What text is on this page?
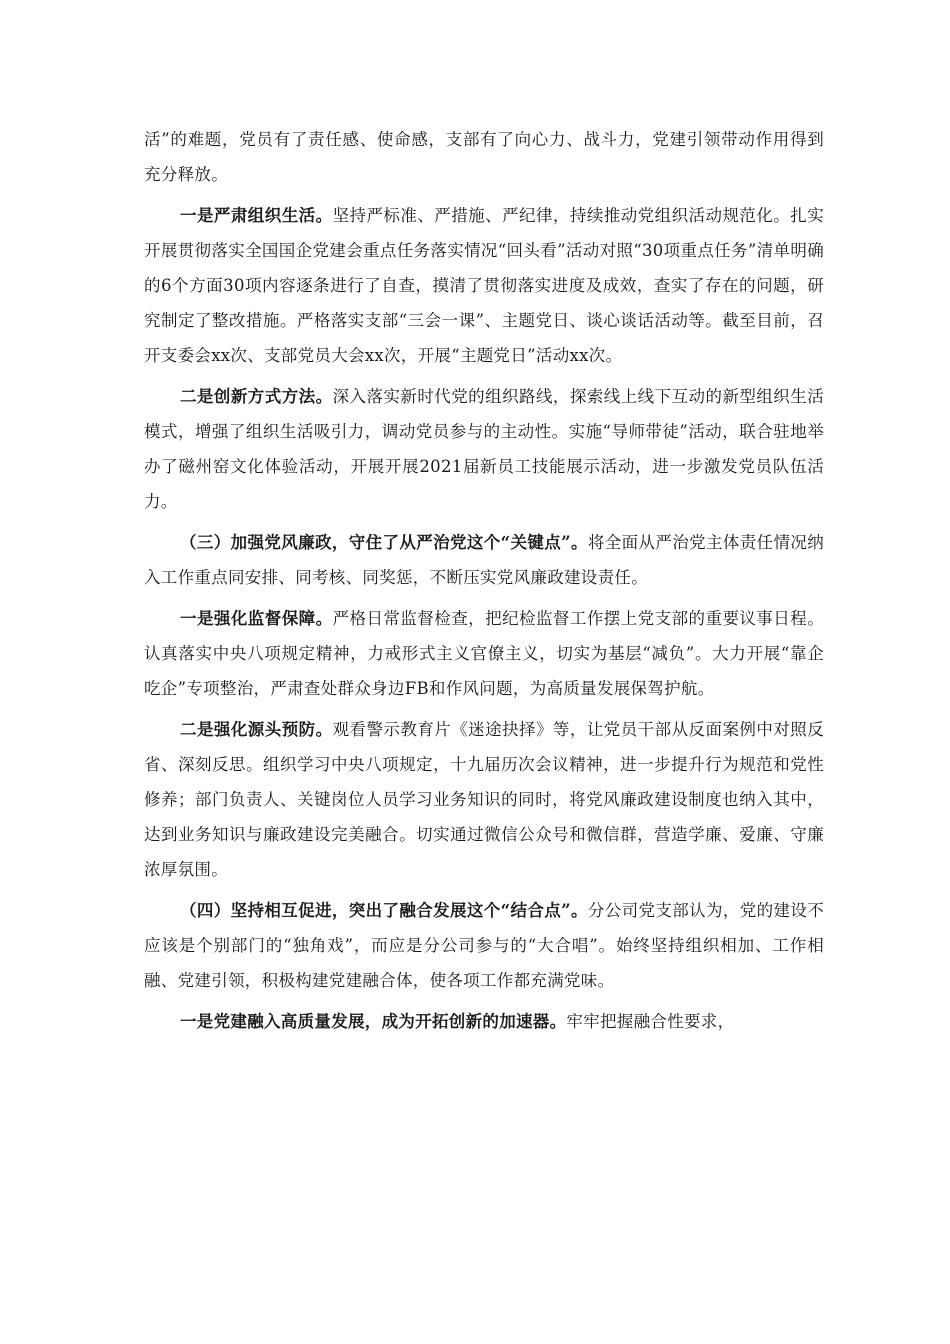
活”的难题，党员有了责任感、使命感，支部有了向心力、战斗力，党建引领带动作用得到充分释放。

一是严肃组织生活。坚持严标准、严措施、严纪律，持续推动党组织活动规范化。扎实开展贯彻落实全国国企党建会重点任务落实情况“回头看”活动对照“30项重点任务”清单明确的6个方面30项内容逐条进行了自查，摸清了贯彻落实进度及成效，查实了存在的问题，研究制定了整改措施。严格落实支部“三会一课”、主题党日、谈心谈话活动等。截至目前，召开支委会xx次、支部党员大会xx次，开展“主题党日”活动xx次。

二是创新方式方法。深入落实新时代党的组织路线，探索线上线下互动的新型组织生活模式，增强了组织生活吸引力，调动党员参与的主动性。实施“导师带徒”活动，联合驻地举办了磁州窑文化体验活动，开展开展2021届新员工技能展示活动，进一步激发党员队伍活力。

（三）加强党风廉政，守住了从严治党这个“关键点”。将全面从严治党主体责任情况纳入工作重点同安排、同考核、同奖惩，不断压实党风廉政建设责任。

一是强化监督保障。严格日常监督检查，把纪检监督工作摆上党支部的重要议事日程。认真落实中央八项规定精神，力戒形式主义官僚主义，切实为基层“减负”。大力开展“靠企吃企”专项整治，严肃查处群众身边FB和作风问题，为高质量发展保驾护航。

二是强化源头预防。观看警示教育片《迷途抉择》等，让党员干部从反面案例中对照反省、深刻反思。组织学习中央八项规定，十九届历次会议精神，进一步提升行为规范和党性修养；部门负责人、关键岗位人员学习业务知识的同时，将党风廉政建设制度也纳入其中，达到业务知识与廉政建设完美融合。切实通过微信公众号和微信群，营造学廉、爱廉、守廉浓厚氛围。

（四）坚持相互促进，突出了融合发展这个“结合点”。分公司党支部认为，党的建设不应该是个别部门的“独角戏”，而应是分公司参与的“大合唱”。始终坚持组织相加、工作相融、党建引领，积极构建党建融合体，使各项工作都充满党味。

一是党建融入高质量发展，成为开拓创新的加速器。牢牢把握融合性要求，
